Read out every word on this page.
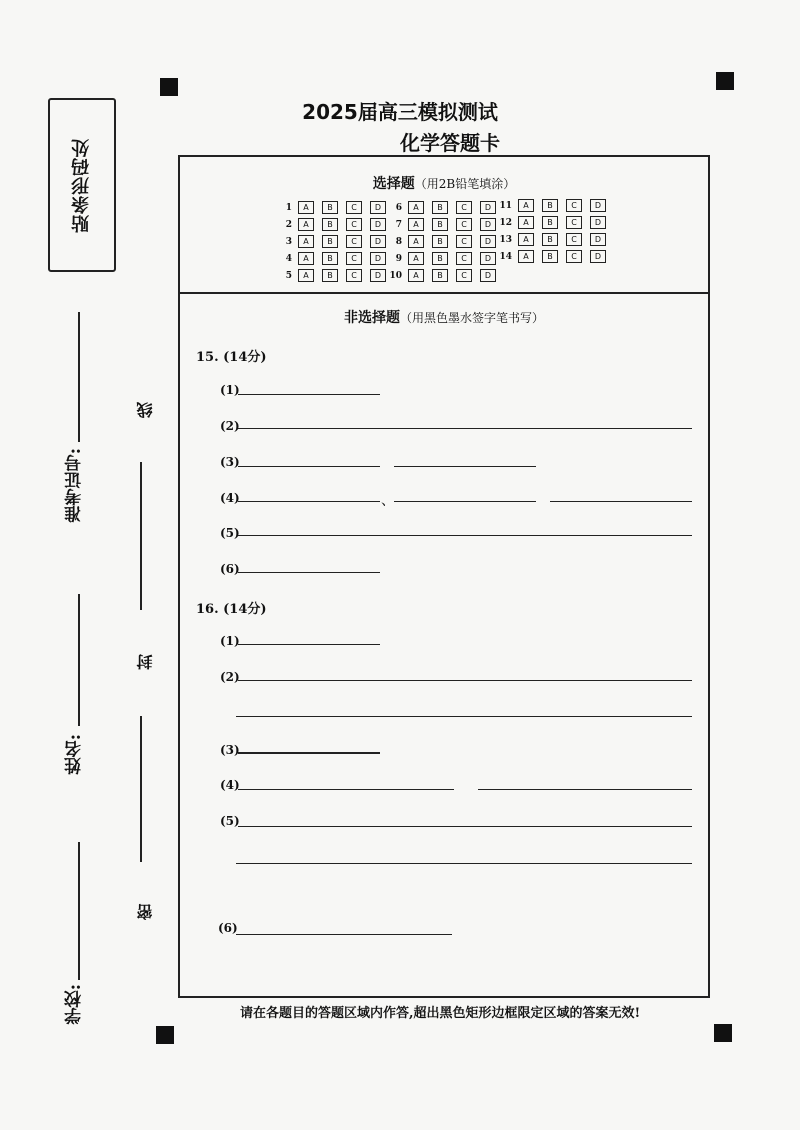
贴条形码处
准考证号:
姓名:
学校:
线
封
密
2025届高三模拟测试
化学答题卡
选择题（用2B铅笔填涂）
1	A	B	C	D
2	A	B	C	D
3	A	B	C	D
4	A	B	C	D
5	A	B	C	D
6	A	B	C	D
7	A	B	C	D
8	A	B	C	D
9	A	B	C	D
10	A	B	C	D
11	A	B	C	D
12	A	B	C	D
13	A	B	C	D
14	A	B	C	D
非选择题（用黑色墨水签字笔书写）
15. (14分)
(1)
(2)
(3)
(4)	、
(5)
(6)
16. (14分)
(1)
(2)
(3)
(4)
(5)
(6)
请在各题目的答题区域内作答,超出黑色矩形边框限定区域的答案无效!
